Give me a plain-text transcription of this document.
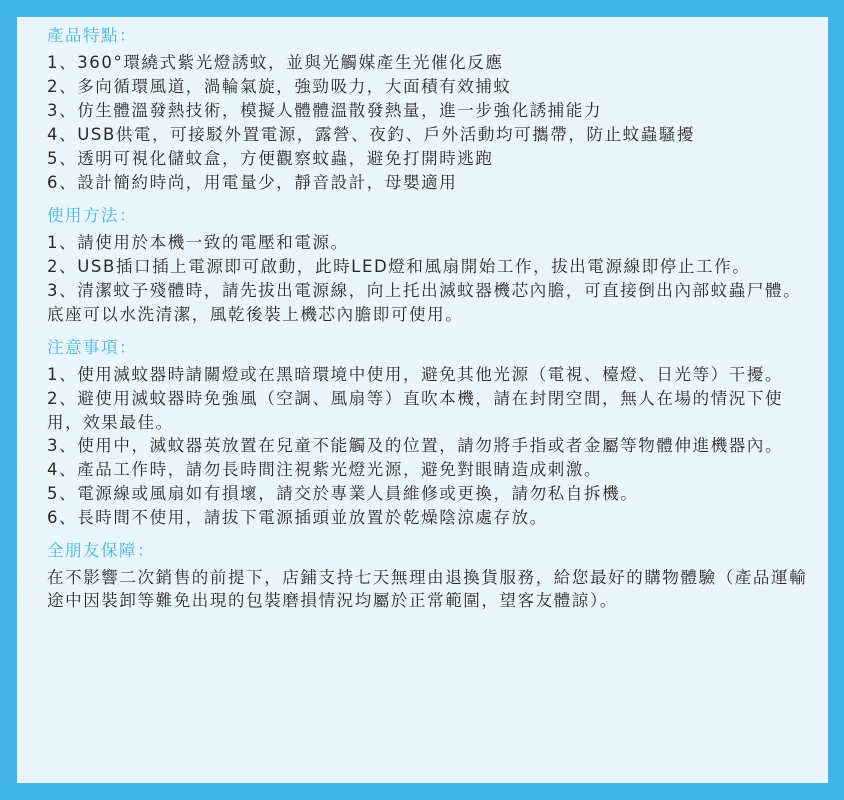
產品特點：

1、360°環繞式紫光燈誘蚊，並與光觸媒產生光催化反應

2、多向循環風道，渦輪氣旋，強勁吸力，大面積有效捕蚊

3、仿生體溫發熱技術，模擬人體體溫散發熱量，進一步強化誘捕能力

4、USB供電，可接駁外置電源，露營、夜釣、戶外活動均可攜帶，防止蚊蟲騷擾

5、透明可視化儲蚊盒，方便觀察蚊蟲，避免打開時逃跑

6、設計簡約時尚，用電量少，靜音設計，母嬰適用

使用方法：

1、請使用於本機一致的電壓和電源。

2、USB插口插上電源即可啟動，此時LED燈和風扇開始工作，拔出電源線即停止工作。

3、清潔蚊子殘體時，請先拔出電源線，向上托出滅蚊器機芯內膽，可直接倒出內部蚊蟲尸體。底座可以水洗清潔，風乾後裝上機芯內膽即可使用。

注意事項：

1、使用滅蚊器時請關燈或在黑暗環境中使用，避免其他光源（電視、檯燈、日光等）干擾。

2、避使用滅蚊器時免強風（空調、風扇等）直吹本機，請在封閉空間，無人在場的情況下使用，效果最佳。

3、使用中，滅蚊器英放置在兒童不能觸及的位置，請勿將手指或者金屬等物體伸進機器內。

4、產品工作時，請勿長時間注視紫光燈光源，避免對眼睛造成刺激。

5、電源線或風扇如有損壞，請交於專業人員維修或更換，請勿私自拆機。

6、長時間不使用，請拔下電源插頭並放置於乾燥陰涼處存放。

全朋友保障：

在不影響二次銷售的前提下，店鋪支持七天無理由退換貨服務，給您最好的購物體驗（產品運輸途中因裝卸等難免出現的包裝磨損情況均屬於正常範圍，望客友體諒）。
